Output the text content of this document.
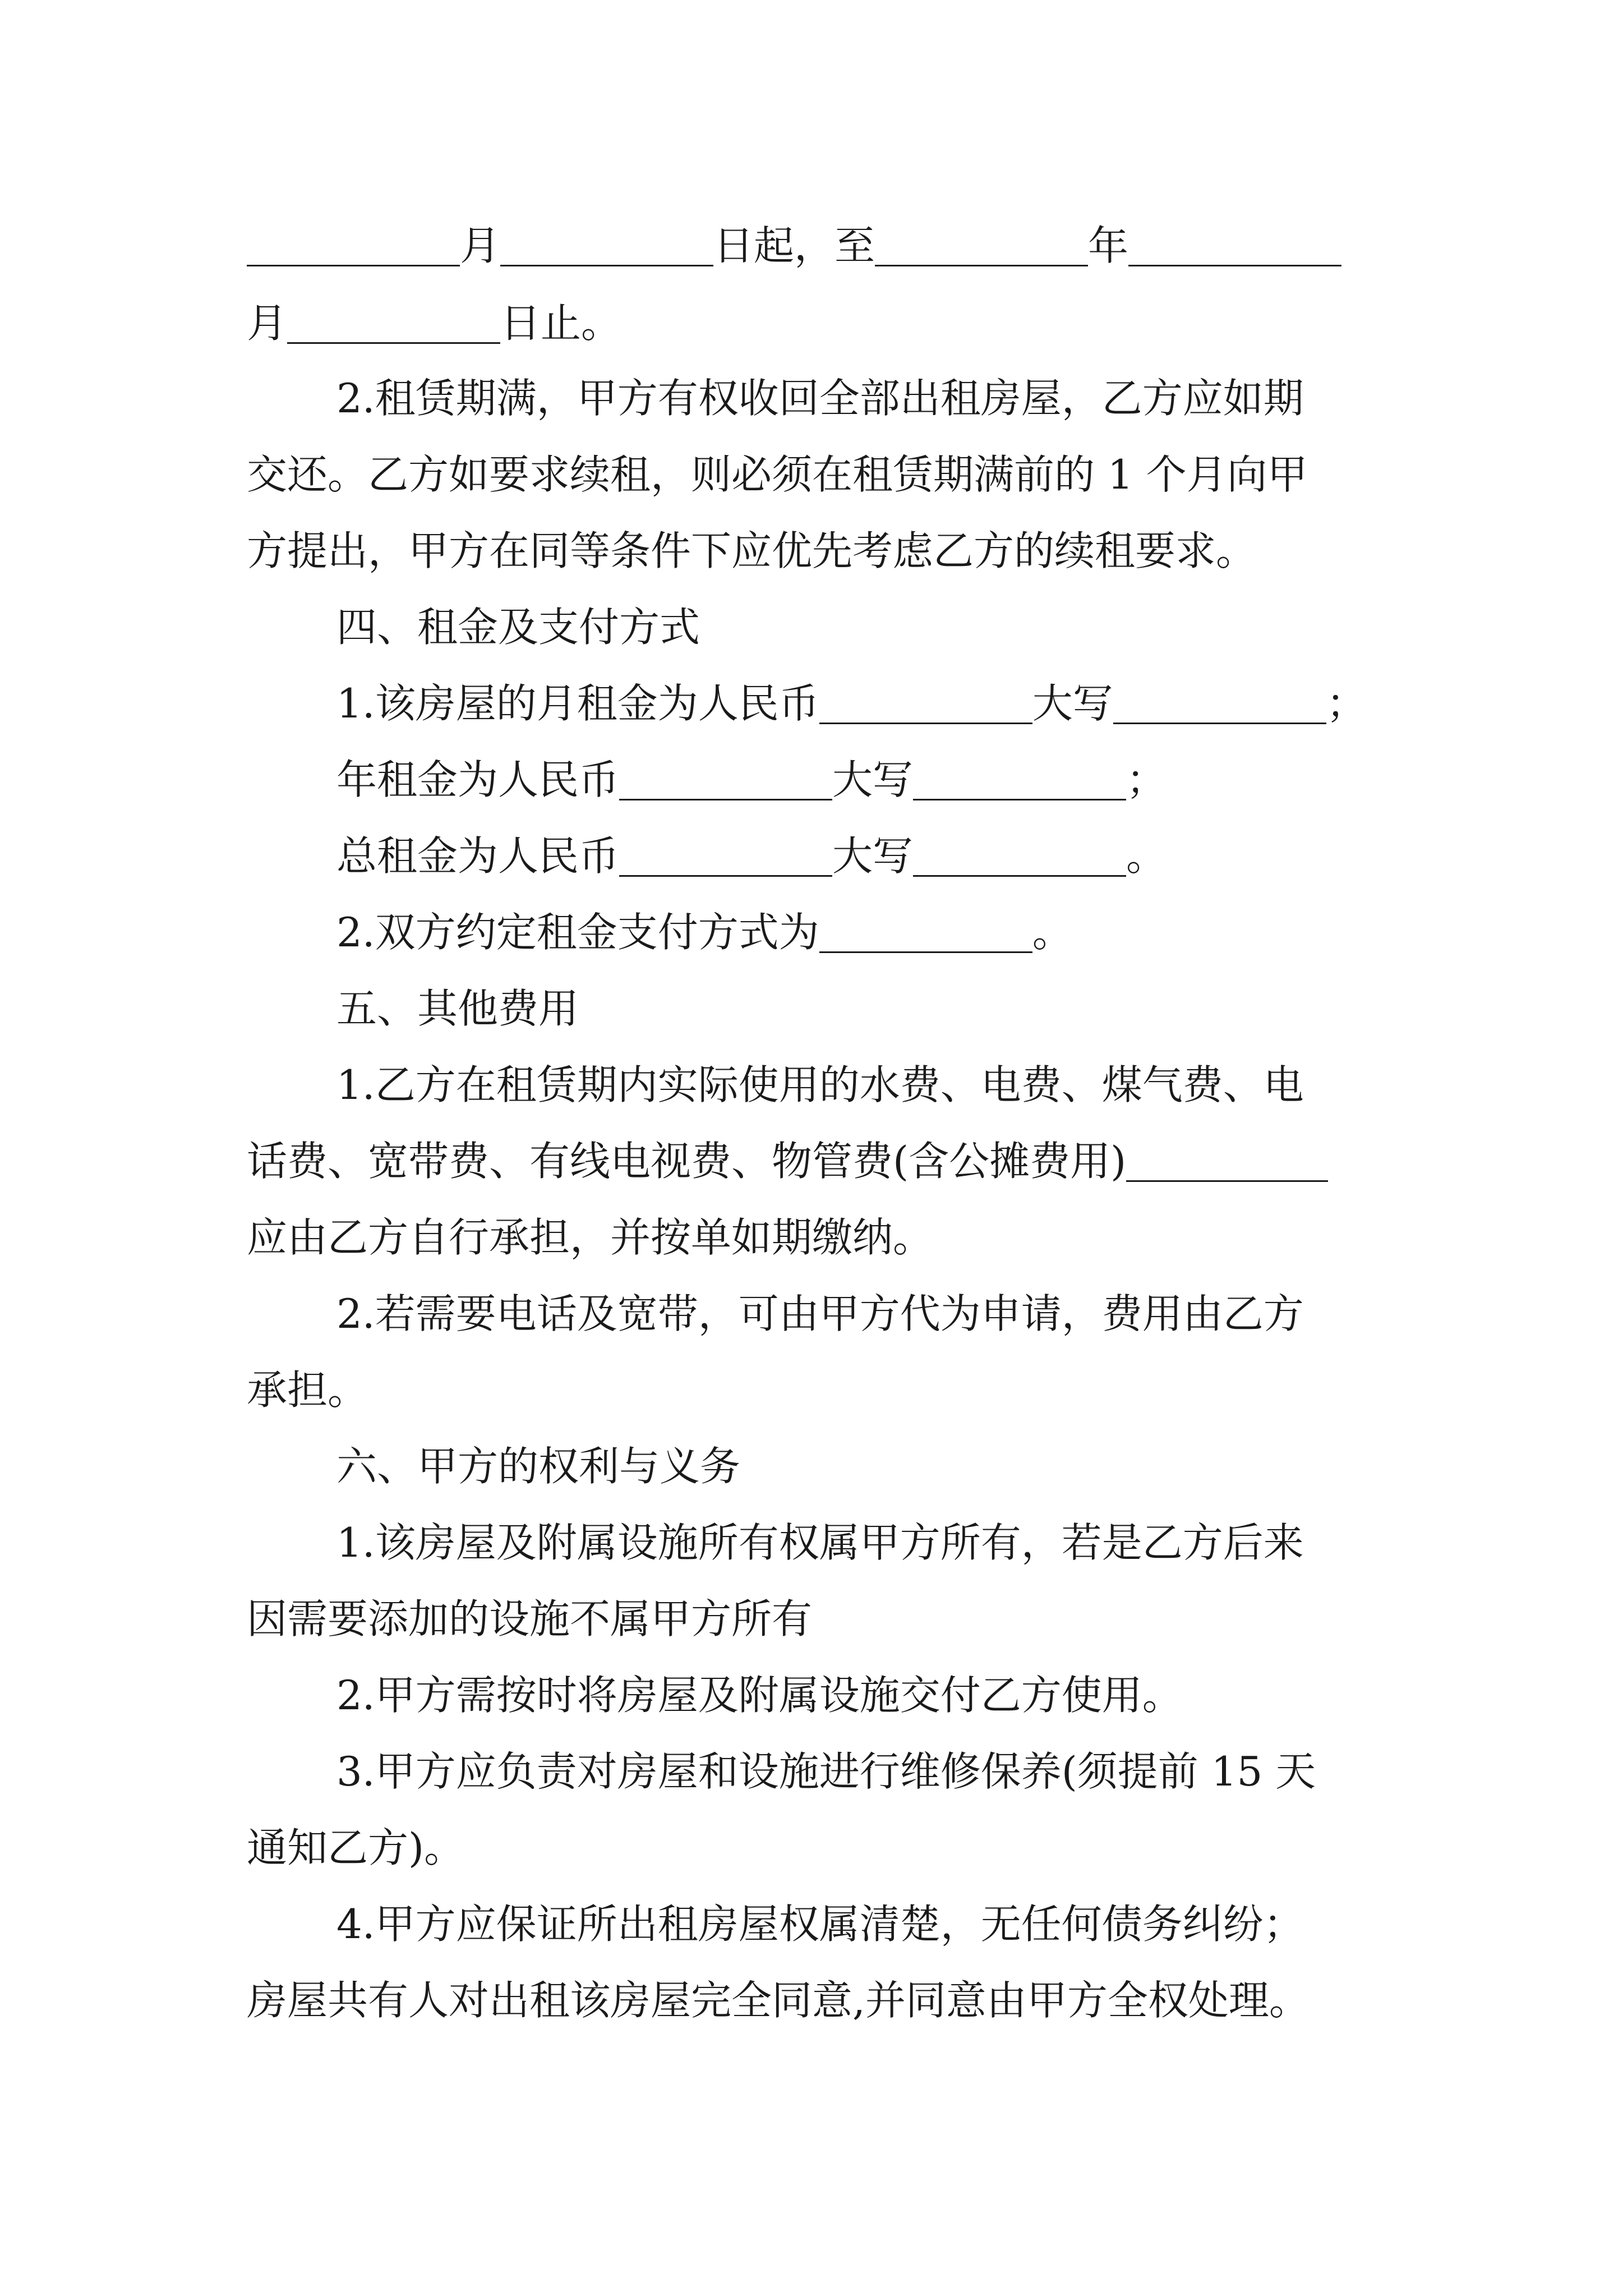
月	日起，至	年
月	日止。
2.租赁期满，甲方有权收回全部出租房屋，乙方应如期
交还。乙方如要求续租，则必须在租赁期满前的 1 个月向甲
方提出，甲方在同等条件下应优先考虑乙方的续租要求。
四、租金及支付方式
1.该房屋的月租金为人民币	大写	；
年租金为人民币	大写	；
总租金为人民币	大写	。
2.双方约定租金支付方式为	。
五、其他费用
1.乙方在租赁期内实际使用的水费、电费、煤气费、电
话费、宽带费、有线电视费、物管费(含公摊费用)
应由乙方自行承担，并按单如期缴纳。
2.若需要电话及宽带，可由甲方代为申请，费用由乙方
承担。
六、甲方的权利与义务
1.该房屋及附属设施所有权属甲方所有，若是乙方后来
因需要添加的设施不属甲方所有
2.甲方需按时将房屋及附属设施交付乙方使用。
3.甲方应负责对房屋和设施进行维修保养(须提前 15 天
通知乙方)。
4.甲方应保证所出租房屋权属清楚，无任何债务纠纷；
房屋共有人对出租该房屋完全同意,并同意由甲方全权处理。
